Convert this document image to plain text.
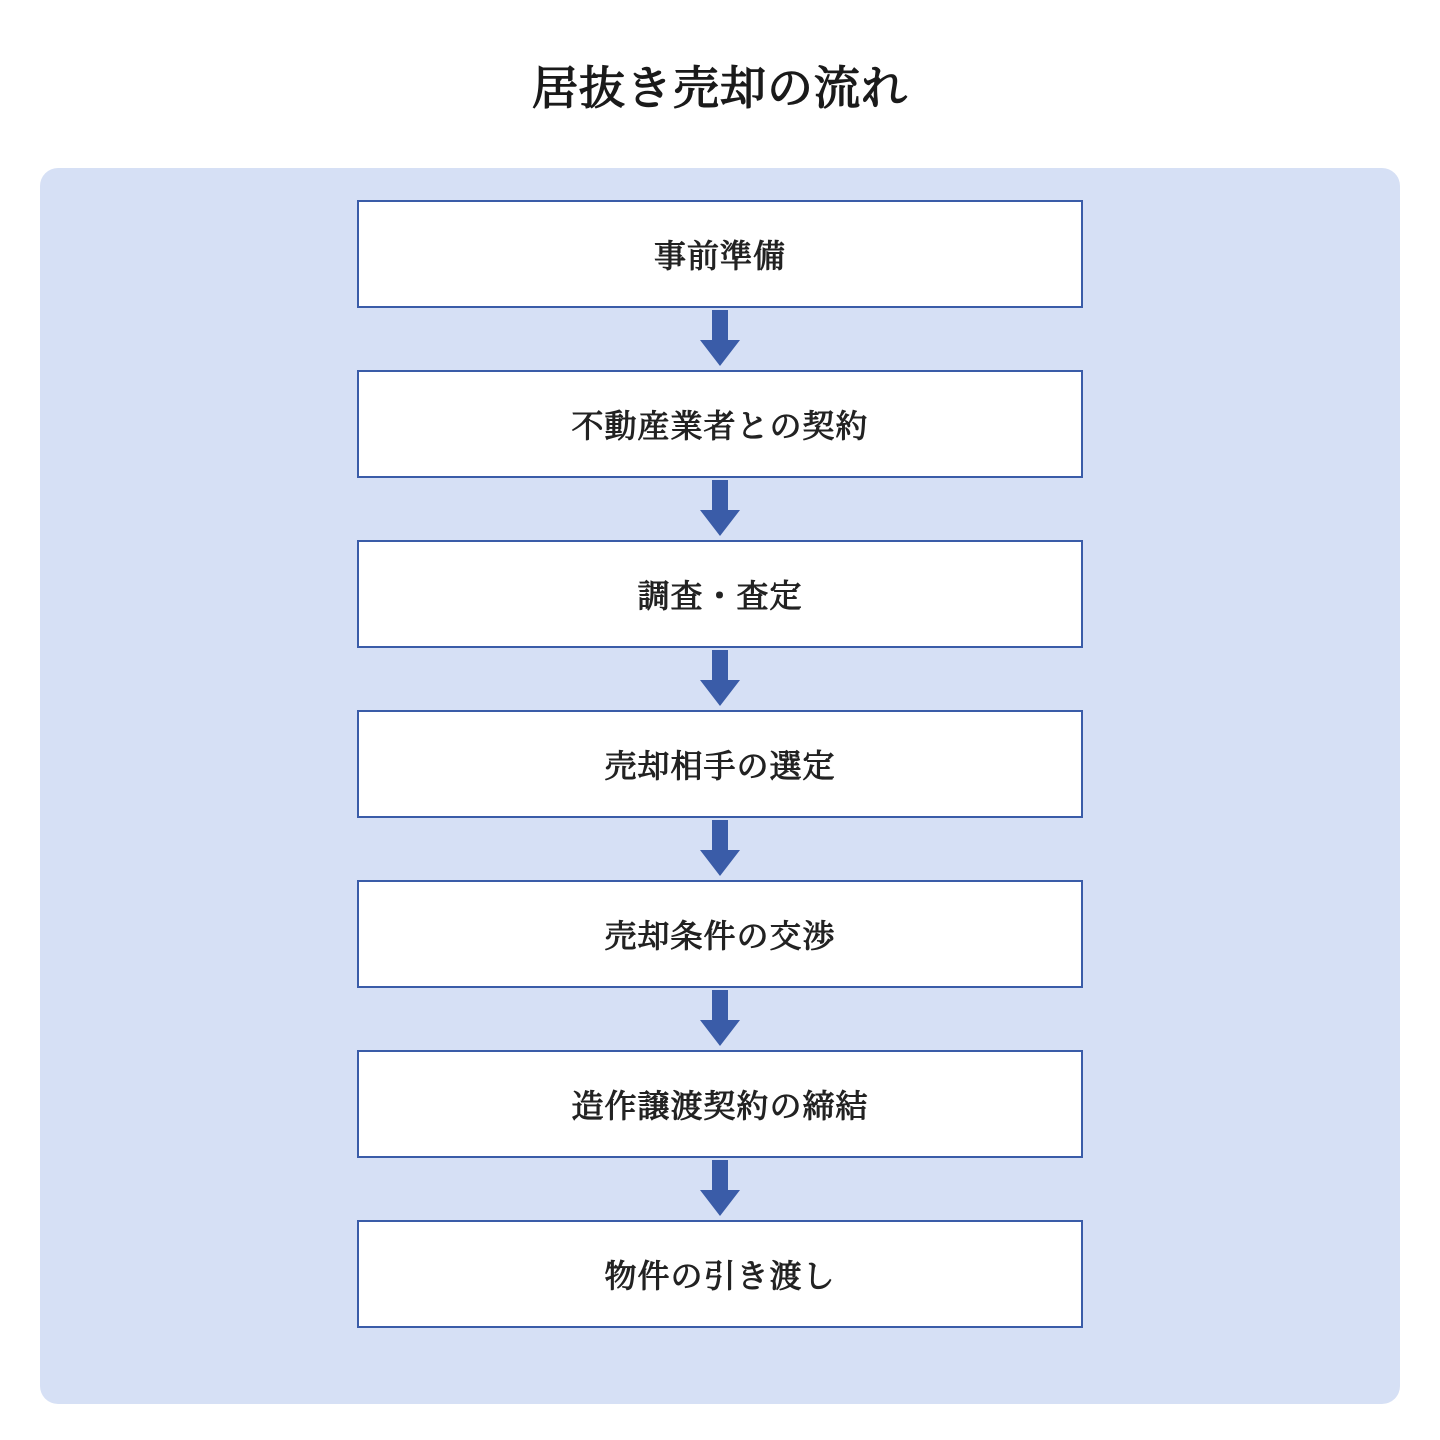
居抜き売却の流れ
事前準備
不動産業者との契約
調査・査定
売却相手の選定
売却条件の交渉
造作譲渡契約の締結
物件の引き渡し
